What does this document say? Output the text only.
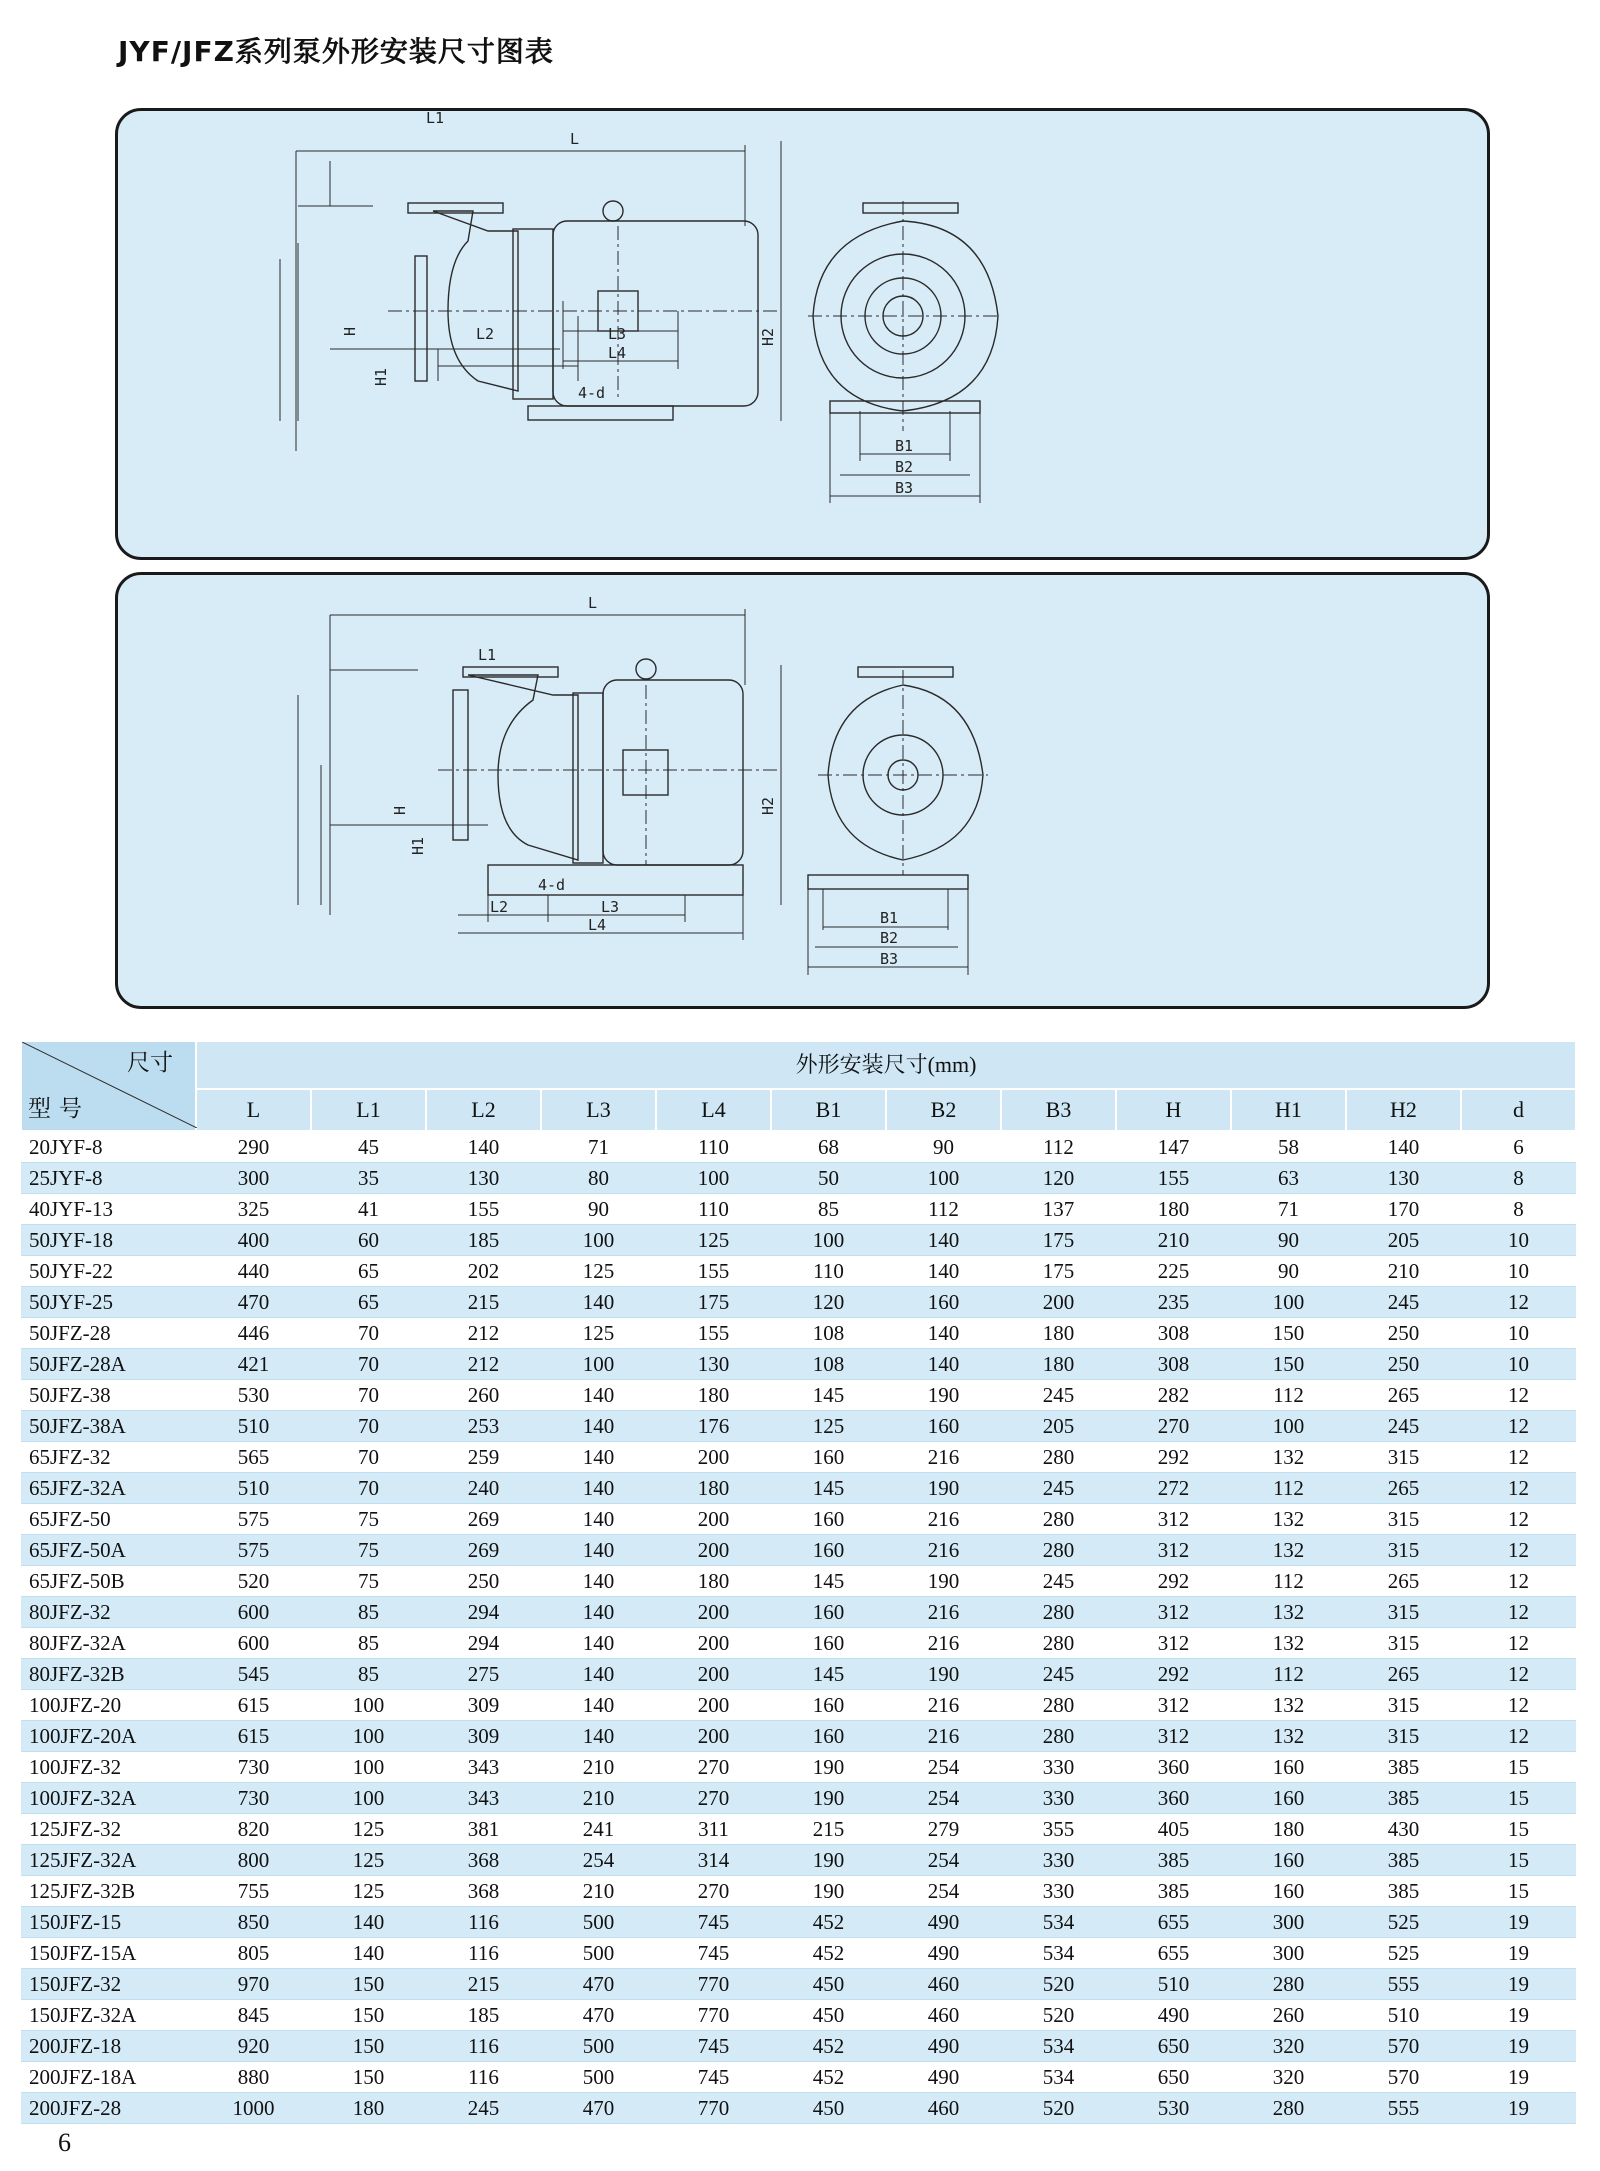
JYF/JFZ系列泵外形安装尺寸图表
L
L1
L2	L3
L4
H
H1
H2
4-d
B1
B2
B3
L
L1
L2	L3
L4
H
H1
H2
4-d
B1
B2
B3
尺寸
型号	外形安装尺寸(mm)											
	L	L1	L2	L3	L4	B1	B2	B3	H	H1	H2	d
20JYF-8	290	45	140	71	110	68	90	112	147	58	140	6
25JYF-8	300	35	130	80	100	50	100	120	155	63	130	8
40JYF-13	325	41	155	90	110	85	112	137	180	71	170	8
50JYF-18	400	60	185	100	125	100	140	175	210	90	205	10
50JYF-22	440	65	202	125	155	110	140	175	225	90	210	10
50JYF-25	470	65	215	140	175	120	160	200	235	100	245	12
50JFZ-28	446	70	212	125	155	108	140	180	308	150	250	10
50JFZ-28A	421	70	212	100	130	108	140	180	308	150	250	10
50JFZ-38	530	70	260	140	180	145	190	245	282	112	265	12
50JFZ-38A	510	70	253	140	176	125	160	205	270	100	245	12
65JFZ-32	565	70	259	140	200	160	216	280	292	132	315	12
65JFZ-32A	510	70	240	140	180	145	190	245	272	112	265	12
65JFZ-50	575	75	269	140	200	160	216	280	312	132	315	12
65JFZ-50A	575	75	269	140	200	160	216	280	312	132	315	12
65JFZ-50B	520	75	250	140	180	145	190	245	292	112	265	12
80JFZ-32	600	85	294	140	200	160	216	280	312	132	315	12
80JFZ-32A	600	85	294	140	200	160	216	280	312	132	315	12
80JFZ-32B	545	85	275	140	200	145	190	245	292	112	265	12
100JFZ-20	615	100	309	140	200	160	216	280	312	132	315	12
100JFZ-20A	615	100	309	140	200	160	216	280	312	132	315	12
100JFZ-32	730	100	343	210	270	190	254	330	360	160	385	15
100JFZ-32A	730	100	343	210	270	190	254	330	360	160	385	15
125JFZ-32	820	125	381	241	311	215	279	355	405	180	430	15
125JFZ-32A	800	125	368	254	314	190	254	330	385	160	385	15
125JFZ-32B	755	125	368	210	270	190	254	330	385	160	385	15
150JFZ-15	850	140	116	500	745	452	490	534	655	300	525	19
150JFZ-15A	805	140	116	500	745	452	490	534	655	300	525	19
150JFZ-32	970	150	215	470	770	450	460	520	510	280	555	19
150JFZ-32A	845	150	185	470	770	450	460	520	490	260	510	19
200JFZ-18	920	150	116	500	745	452	490	534	650	320	570	19
200JFZ-18A	880	150	116	500	745	452	490	534	650	320	570	19
200JFZ-28	1000	180	245	470	770	450	460	520	530	280	555	19
6
